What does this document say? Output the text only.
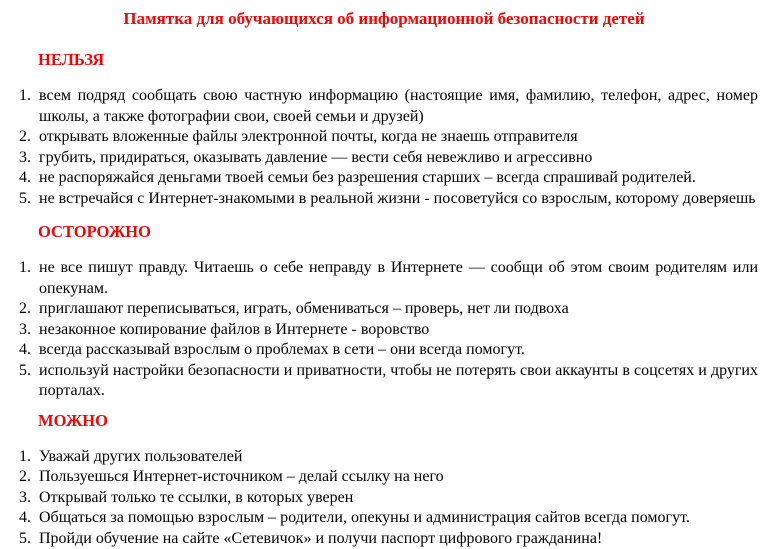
Памятка для обучающихся об информационной безопасности детей
НЕЛЬЗЯ
1. всем подряд сообщать свою частную информацию (настоящие имя, фамилию, телефон, адрес, номер школы, а также фотографии свои, своей семьи и друзей)
2. открывать вложенные файлы электронной почты, когда не знаешь отправителя
3. грубить, придираться, оказывать давление — вести себя невежливо и агрессивно
4. не распоряжайся деньгами твоей семьи без разрешения старших – всегда спрашивай родителей.
5. не встречайся с Интернет-знакомыми в реальной жизни - посоветуйся со взрослым, которому доверяешь
ОСТОРОЖНО
1. не все пишут правду. Читаешь о себе неправду в Интернете — сообщи об этом своим родителям или опекунам.
2. приглашают переписываться, играть, обмениваться – проверь, нет ли подвоха
3. незаконное копирование файлов в Интернете - воровство
4. всегда рассказывай взрослым о проблемах в сети – они всегда помогут.
5. используй настройки безопасности и приватности, чтобы не потерять свои аккаунты в соцсетях и других порталах.
МОЖНО
1. Уважай других пользователей
2. Пользуешься Интернет-источником – делай ссылку на него
3. Открывай только те ссылки, в которых уверен
4. Общаться за помощью взрослым – родители, опекуны и администрация сайтов всегда помогут.
5. Пройди обучение на сайте «Сетевичок» и получи паспорт цифрового гражданина!
